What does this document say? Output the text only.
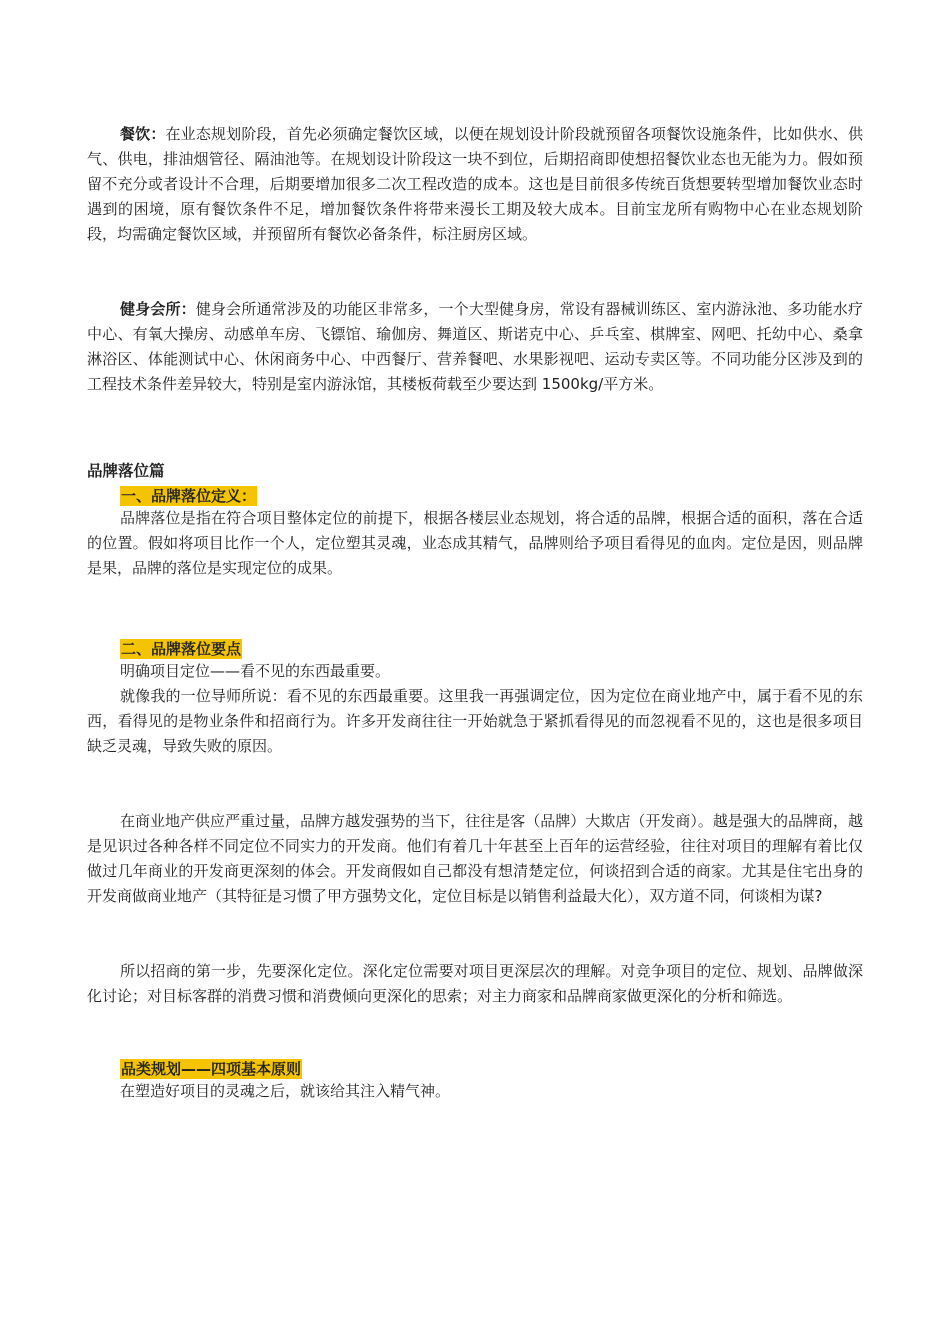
餐饮：在业态规划阶段，首先必须确定餐饮区域，以便在规划设计阶段就预留各项餐饮设施条件，比如供水、供气、供电，排油烟管径、隔油池等。在规划设计阶段这一块不到位，后期招商即使想招餐饮业态也无能为力。假如预留不充分或者设计不合理，后期要增加很多二次工程改造的成本。这也是目前很多传统百货想要转型增加餐饮业态时遇到的困境，原有餐饮条件不足，增加餐饮条件将带来漫长工期及较大成本。目前宝龙所有购物中心在业态规划阶段，均需确定餐饮区域，并预留所有餐饮必备条件，标注厨房区域。

健身会所：健身会所通常涉及的功能区非常多，一个大型健身房，常设有器械训练区、室内游泳池、多功能水疗中心、有氧大操房、动感单车房、飞镖馆、瑜伽房、舞道区、斯诺克中心、乒乓室、棋牌室、网吧、托幼中心、桑拿淋浴区、体能测试中心、休闲商务中心、中西餐厅、营养餐吧、水果影视吧、运动专卖区等。不同功能分区涉及到的工程技术条件差异较大，特别是室内游泳馆，其楼板荷载至少要达到 1500kg/平方米。

品牌落位篇

一、品牌落位定义：

品牌落位是指在符合项目整体定位的前提下，根据各楼层业态规划，将合适的品牌，根据合适的面积，落在合适的位置。假如将项目比作一个人，定位塑其灵魂，业态成其精气，品牌则给予项目看得见的血肉。定位是因，则品牌是果，品牌的落位是实现定位的成果。

二、品牌落位要点

明确项目定位——看不见的东西最重要。

就像我的一位导师所说：看不见的东西最重要。这里我一再强调定位，因为定位在商业地产中，属于看不见的东西，看得见的是物业条件和招商行为。许多开发商往往一开始就急于紧抓看得见的而忽视看不见的，这也是很多项目缺乏灵魂，导致失败的原因。

在商业地产供应严重过量，品牌方越发强势的当下，往往是客（品牌）大欺店（开发商）。越是强大的品牌商，越是见识过各种各样不同定位不同实力的开发商。他们有着几十年甚至上百年的运营经验，往往对项目的理解有着比仅做过几年商业的开发商更深刻的体会。开发商假如自己都没有想清楚定位，何谈招到合适的商家。尤其是住宅出身的开发商做商业地产（其特征是习惯了甲方强势文化，定位目标是以销售利益最大化），双方道不同，何谈相为谋?

所以招商的第一步，先要深化定位。深化定位需要对项目更深层次的理解。对竞争项目的定位、规划、品牌做深化讨论；对目标客群的消费习惯和消费倾向更深化的思索；对主力商家和品牌商家做更深化的分析和筛选。

品类规划——四项基本原则

在塑造好项目的灵魂之后，就该给其注入精气神。
